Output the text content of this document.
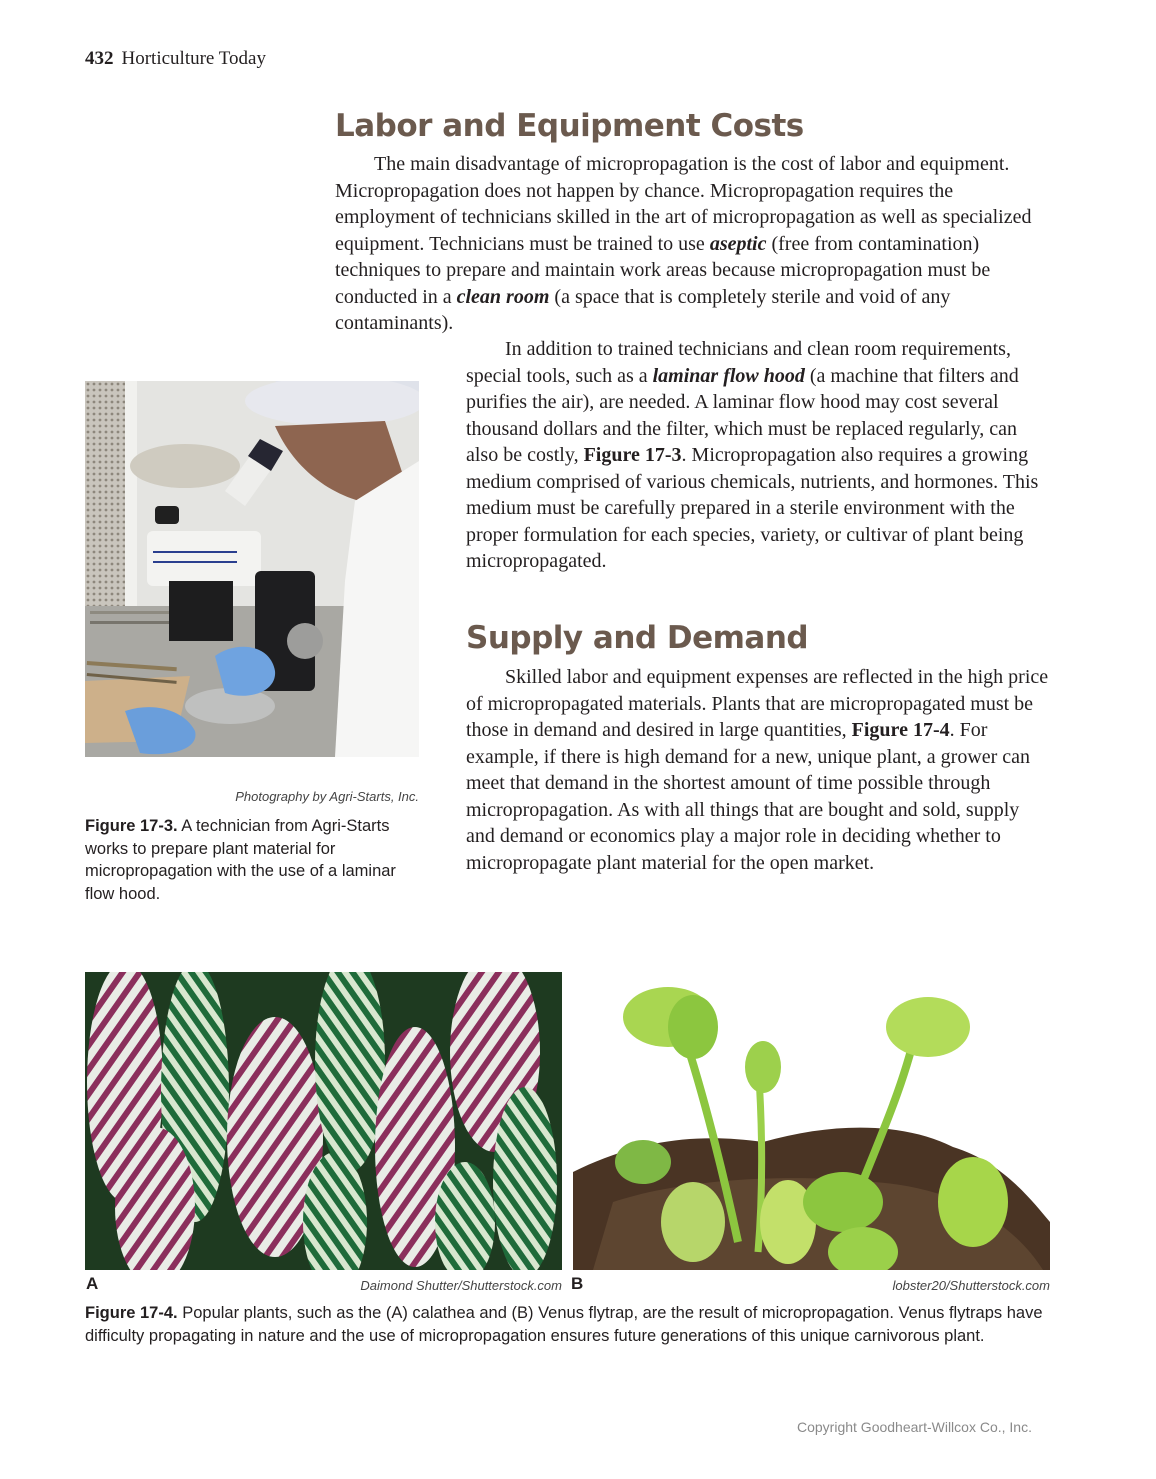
432 Horticulture Today
Labor and Equipment Costs

The main disadvantage of micropropagation is the cost of labor and equipment. Micropropagation does not happen by chance. Micropropagation requires the employment of technicians skilled in the art of micropropagation as well as specialized equipment. Technicians must be trained to use aseptic (free from contamination) techniques to prepare and maintain work areas because micropropagation must be conducted in a clean room (a space that is completely sterile and void of any contaminants).

In addition to trained technicians and clean room requirements, special tools, such as a laminar flow hood (a machine that filters and purifies the air), are needed. A laminar flow hood may cost several thousand dollars and the filter, which must be replaced regularly, can also be costly, Figure 17-3. Micropropagation also requires a growing medium comprised of various chemicals, nutrients, and hormones. This medium must be carefully prepared in a sterile environment with the proper formulation for each species, variety, or cultivar of plant being micropropagated.

Photography by Agri-Starts, Inc.
Figure 17-3. A technician from Agri-Starts works to prepare plant material for micropropagation with the use of a laminar flow hood.
Supply and Demand

Skilled labor and equipment expenses are reflected in the high price of micropropagated materials. Plants that are micropropagated must be those in demand and desired in large quantities, Figure 17-4. For example, if there is high demand for a new, unique plant, a grower can meet that demand in the shortest amount of time possible through micropropagation. As with all things that are bought and sold, supply and demand or economics play a major role in deciding whether to micropropagate plant material for the open market.

A	Daimond Shutter/Shutterstock.com B	lobster20/Shutterstock.com
Figure 17-4. Popular plants, such as the (A) calathea and (B) Venus flytrap, are the result of micropropagation. Venus flytraps have difficulty propagating in nature and the use of micropropagation ensures future generations of this unique carnivorous plant.
Copyright Goodheart-Willcox Co., Inc.
